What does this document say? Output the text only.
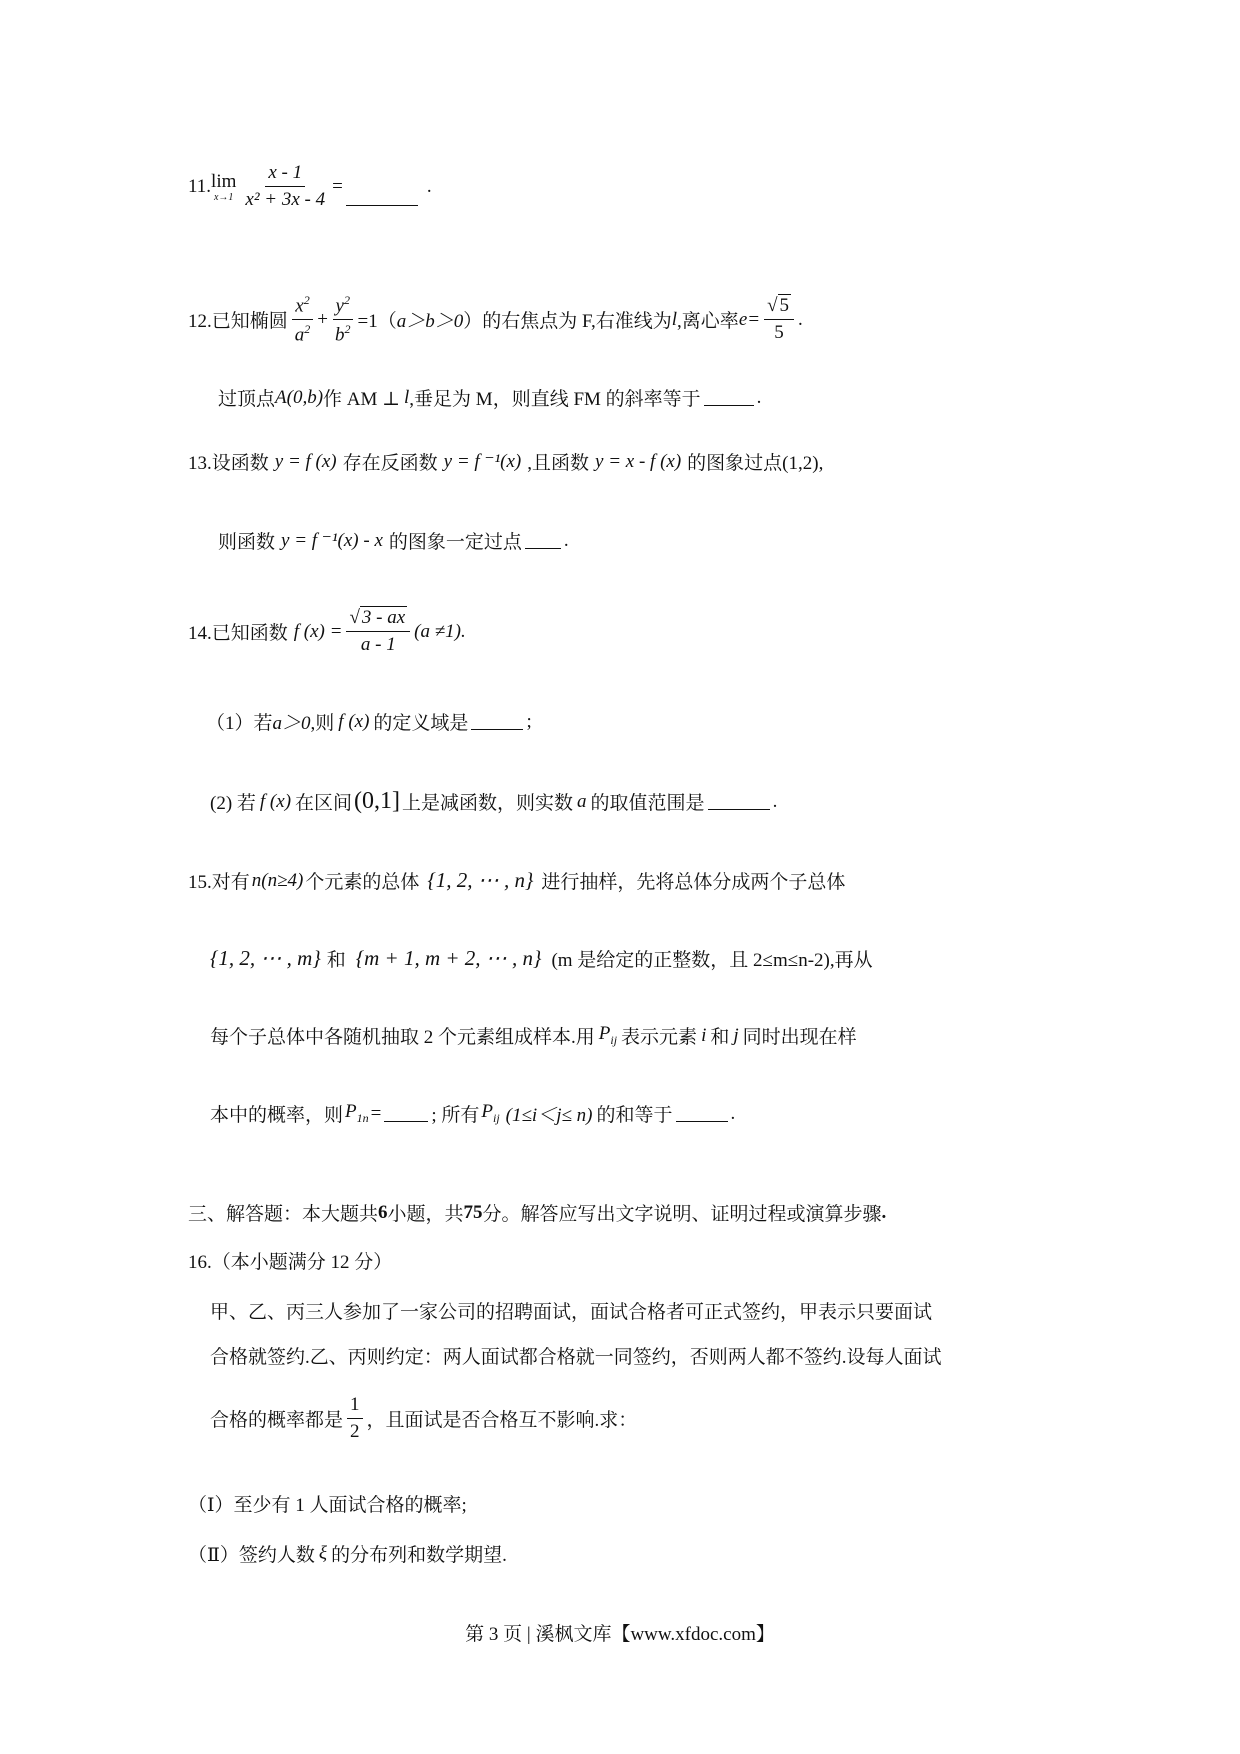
11. lim
$x\to 1 \frac{x - 1}{\text{x² + 3x - 4}}$ =	.
12.已知椭圆 $\frac{x^2}{a^2} + \frac{y^2}{b^2} =1$（ a＞b＞0 ）的右焦点为 F,右准线为 l ,离心率 $e= \frac{√ 5}{5}$ .
过顶点 A(0,b) 作 AM ⊥ l ,垂足为 M，则直线 FM 的斜率等于	.
13.设函数 y = f (x) 存在反函数 y = f ⁻¹(x) ,且函数 y = x - f (x) 的图象过点(1,2),
则函数 y = f ⁻¹(x) - x 的图象一定过点 .
14.已知函数 f $(x) = \frac{√ 3 - ax}{a - 1} (a \ne 1)$.
（1）若 a＞0 ,则 f (x) 的定义域是	;
(2) 若 f (x) 在区间 (0,1] 上是减函数，则实数 a 的取值范围是	.
15.对有 n(n≥4) 个元素的总体 {1, 2, ⋯ , n} 进行抽样，先将总体分成两个子总体
{1, 2, ⋯ , m} 和 {m + 1, m + 2, ⋯ , n} (m 是给定的正整数，且 2≤m≤n-2),再从
每个子总体中各随机抽取 2 个元素组成样本.用 $P_{ij}$ 表示元素 i 和 j 同时出现在样
本中的概率，则 $P_{1n}$ =	; 所有 $P_{ij}$ (1≤i＜j≤ n) 的和等于	.
三、解答题：本大题共 6 小题，共 75 分。解答应写出文字说明、证明过程或演算步骤 .
16.（本小题满分 12 分）
甲、乙、丙三人参加了一家公司的招聘面试，面试合格者可正式签约，甲表示只要面试
合格就签约.乙、丙则约定：两人面试都合格就一同签约，否则两人都不签约.设每人面试
合格的概率都是 $\frac{1}{2}$ ，且面试是否合格互不影响.求：
（Ⅰ）至少有 1 人面试合格的概率;
（Ⅱ）签约人数 ξ 的分布列和数学期望.
第 3 页 | 溪枫文库【www.xfdoc.com】
